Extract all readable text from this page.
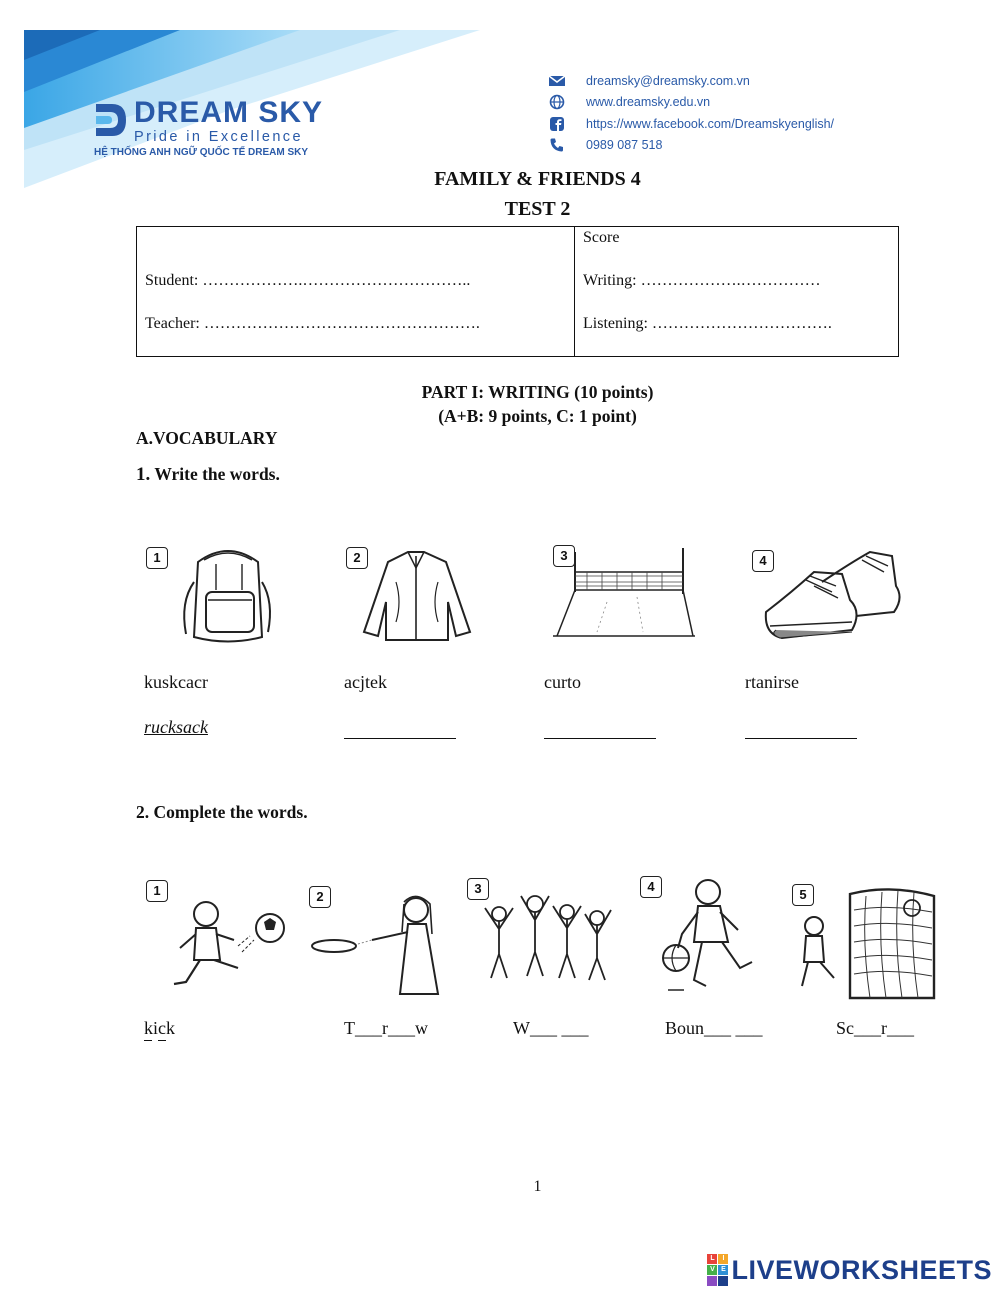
DREAM SKY
Pride in Excellence
HỆ THỐNG ANH NGỮ QUỐC TẾ DREAM SKY
dreamsky@dreamsky.com.vn
www.dreamsky.edu.vn
https://www.facebook.com/Dreamskyenglish/
0989 087 518
FAMILY & FRIENDS 4
TEST 2
Student: ……………….…………………………..
Teacher: …………………………………………….
Score
Writing: ……………….……………
Listening: …………………………….
PART I: WRITING (10 points)
(A+B: 9 points, C: 1 point)
A.VOCABULARY
1. Write the words.
1	2	3	4
kuskcacr	acjtek	curto	rtanirse
rucksack
2. Complete the words.
1	2
3	4
5
kick	T___r___w	W___ ___	Boun___ ___	Sc___r___
1
L	I
V E LIVEWORKSHEETS
